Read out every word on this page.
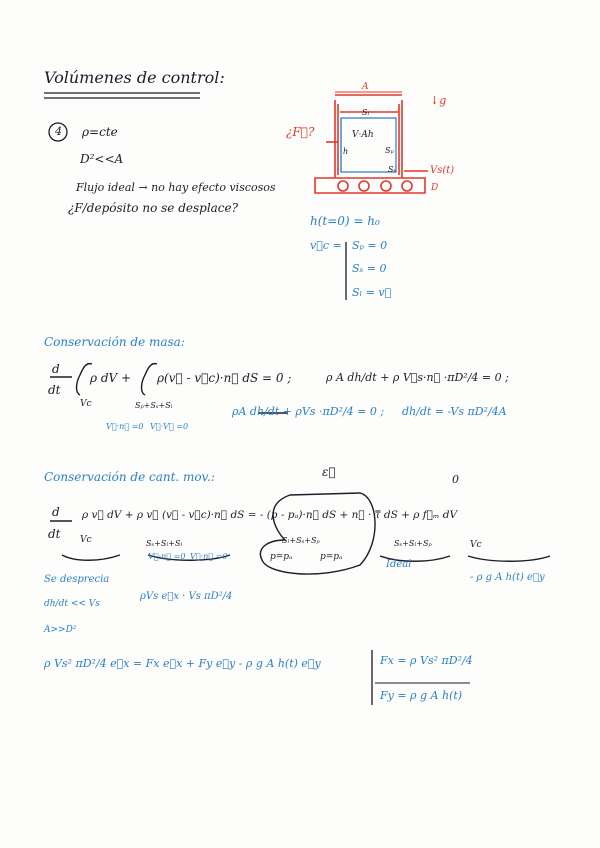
Volúmenes de control:
4 ρ=cte
D²<<A
Flujo ideal → no hay efecto viscosos
¿F/depósito no se desplace?
A
↓g
Sₗ
V·Ah
h	Sₚ
Sₛ	Vs(t)
¿F⃗?
D
h(t=0) = h₀
v⃗c = Sₚ = 0
Sₛ = 0
Sₗ = v⃗
Conservación de masa:
d
dt
ρ dV + ρ(v⃗ - v⃗c)·n⃗ dS = 0 ;
Vc	Sₚ+Sₛ+Sₗ
ρ A dh/dt + ρ V⃗s·n⃗ ·πD²/4 = 0 ;
V⃗·n⃗ =0 V⃗·V⃗ =0
ρA dh/dt + ρVs ·πD²/4 = 0 ; dh/dt = -Vs πD²/4A
Conservación de cant. mov.:	ε⃗
0
d
dt
ρ v⃗ dV + ρ v⃗ (v⃗ - v⃗c)·n⃗ dS = - (p - pₐ)·n⃗ dS + n⃗ · τ̿ dS + ρ f⃗ₘ dV
Vc	Sₛ+Sₗ+Sₗ	Sₗ+Sₛ+Sₚ	Sₛ+Sₗ+Sₚ	Vc
V⃗·n⃗ =0 V⃗·n⃗ =0	p=pₐ	p=pₐ
Se desprecia
dh/dt << Vs
A>>D²
ρVs e⃗x · Vs πD²/4
Ideal
- ρ g A h(t) e⃗y
ρ Vs² πD²/4 e⃗x = Fx e⃗x + Fy e⃗y - ρ g A h(t) e⃗y	Fx = ρ Vs² πD²/4
Fy = ρ g A h(t)
